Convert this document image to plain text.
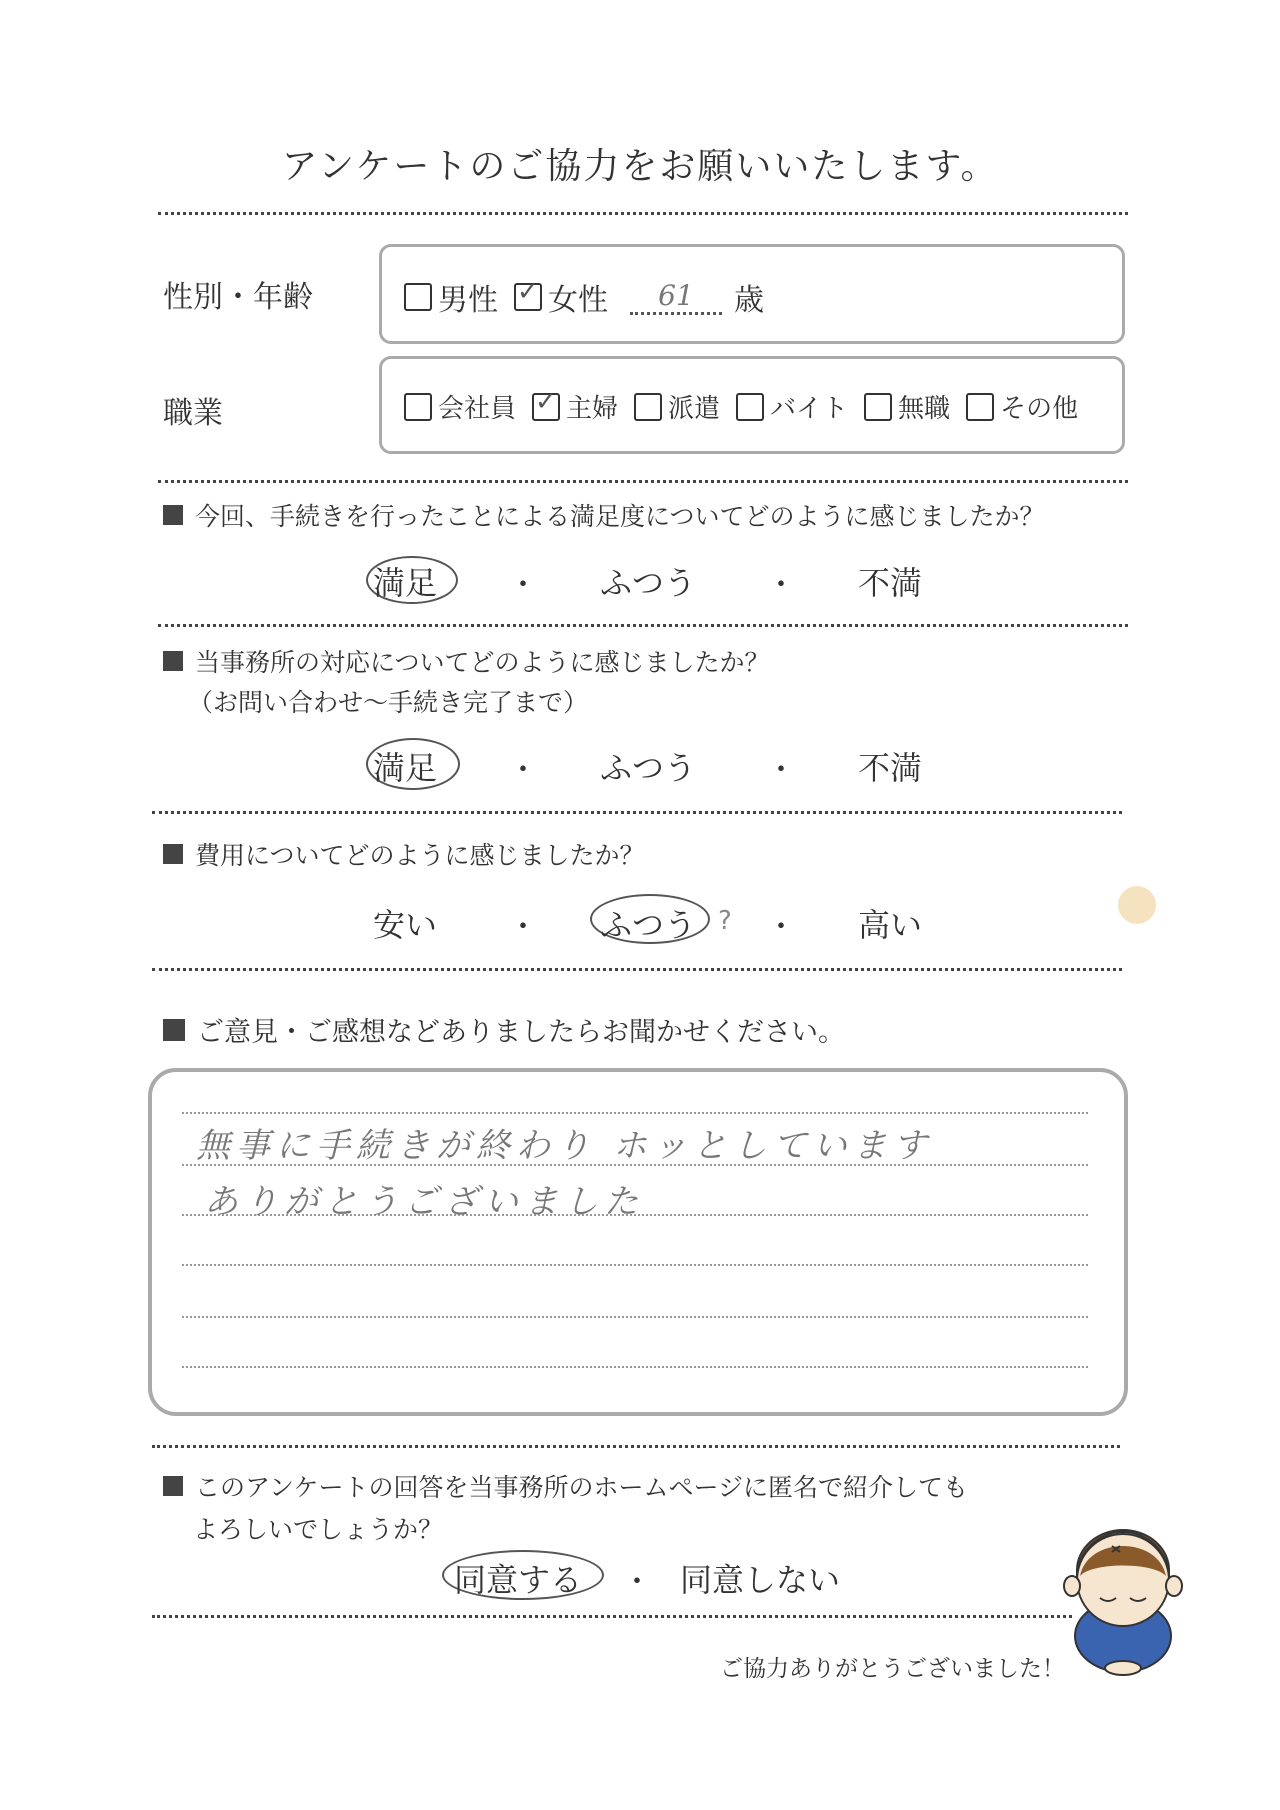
アンケートのご協力をお願いいたします。
性別・年齢	男性
✓ 女性	61	歳
職業	会社員
✓ 主婦 派遣 バイト 無職 その他
今回、手続きを行ったことによる満足度についてどのように感じましたか？
満足 ・ ふつう ・ 不満
当事務所の対応についてどのように感じましたか？
（お問い合わせ〜手続き完了まで）
満足 ・ ふつう ・ 不満
費用についてどのように感じましたか？
安い ・ ふつう ? ・ 高い
ご意見・ご感想などありましたらお聞かせください。
無事に手続きが終わり ホッとしています
ありがとうございました
このアンケートの回答を当事務所のホームページに匿名で紹介しても
よろしいでしょうか？
同意する ・ 同意しない
ご協力ありがとうございました！
